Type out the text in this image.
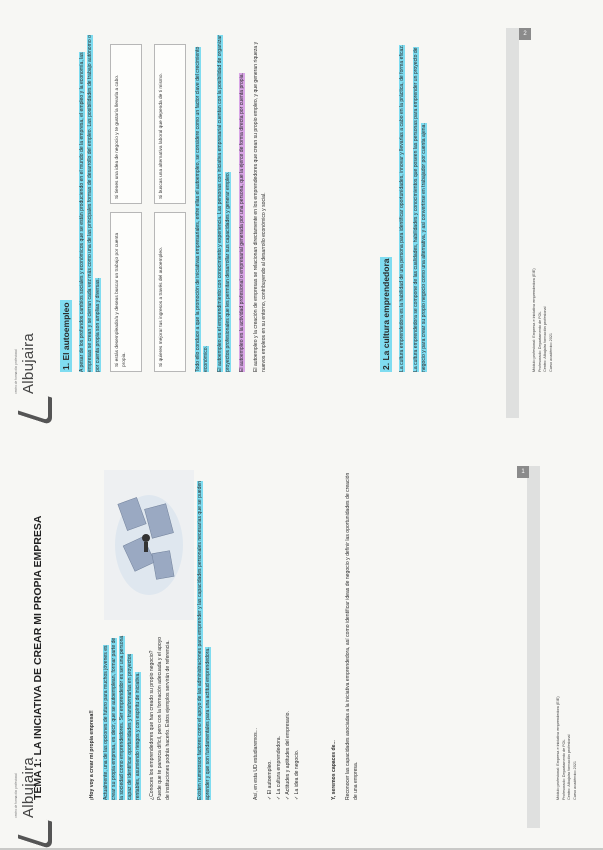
1
Albujaira
centro de formación profesional TEMA 1: LA INICIATIVA DE CREAR MI PROPIA EMPRESA	¡Hoy voy a crear mi propia empresa!! Actualmente, una de las opciones de futuro para muchos jóvenes es crear su propia empresa, es decir, que se autoemplean, formar parte de la sociedad como emprendedores. Ser emprendedor es ser una persona capaz de identificar oportunidades y transformarlas en proyectos rentables, asumiendo riesgos y con espíritu de iniciativa. ¿Conoces los emprendedores que han creado su propio negocio? Puede que te parezca difícil, pero con la formación adecuada y el apoyo de instituciones podrás hacerlo. Estos ejemplos servirán de referencia.	Existen numerosos factores como el apoyo de las administraciones para emprender y las capacidades personales necesarias que se pueden aprender y que son fundamentales para una actitud emprendedora.	Así, en esta UD estudiaremos... ✓ El autoempleo. ✓ La cultura emprendedora. ✓ Actitudes y aptitudes del empresario. ✓ La idea de negocio.	Y, seremos capaces de... Reconocer las capacidades asociadas a la iniciativa emprendedora, así como identificar ideas de negocio y definir las oportunidades de creación de una empresa.	Módulo profesional: Empresa e iniciativa emprendedora (EIE) Profesorado: Departamento de FOL Centro: Albujaira formación profesional Curso académico 2021
2
Albujaira
centro de formación profesional
1. El autoempleo A pesar de los profundos cambios sociales y económicos que se están produciendo en el mundo de la empresa, el empleo y la economía, las empresas se crean y se cierran cada vez más como una de las principales formas de desarrollo del empleo. Las posibilidades de trabajo autónomo o por cuenta propia son amplias y diversas.	Si estás desempleado/a y deseas buscar un trabajo por cuenta propia.
Si tienes una idea de negocio y te gustaría llevarla a cabo.
Si quieres mejorar tus ingresos a través del autoempleo.
Si buscas una alternativa laboral que dependa de ti mismo.	Todo ello conduce a que la promoción de iniciativas empresariales, entre ellas el autoempleo, se considere como un factor clave del crecimiento económico. El autoempleo es el emprendimiento con conocimiento y experiencia. Las personas con iniciativa empresarial cuentan con la posibilidad de organizar proyectos profesionales que les permitan desarrollar sus capacidades y generar empleo. El autoempleo es la actividad profesional o empresarial generada por una persona, que la ejerce de forma directa por cuenta propia. El autoempleo y la creación de empresas se relacionan directamente en los emprendedores que crean su propio empleo, y que generan riqueza y nuevos empleos en su entorno, contribuyendo al desarrollo económico y social.	2. La cultura emprendedora La cultura emprendedora es la habilidad de una persona para identificar oportunidades, innovar y llevarlas a cabo en la práctica, de forma eficaz. La cultura emprendedora se compone de las cualidades, habilidades y conocimientos que poseen las personas para emprender un proyecto de negocio y para crear su propio negocio como una alternativa, y así convertirse en trabajador por cuenta ajena.	Módulo profesional: Empresa e iniciativa emprendedora (EIE) Profesorado: Departamento de FOL Centro: Albujaira formación profesional Curso académico 2021
